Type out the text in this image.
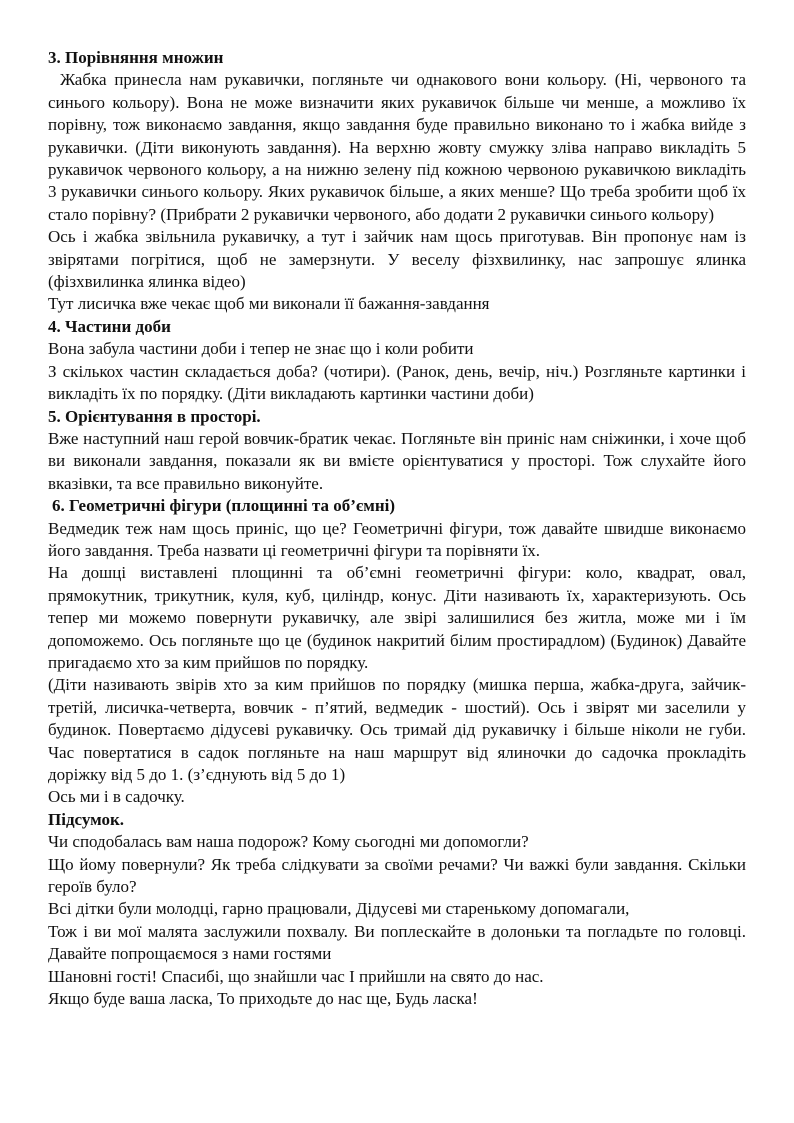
3. Порівняння множин

Жабка принесла нам рукавички, погляньте чи однакового вони кольору. (Ні, червоного та синього кольору). Вона не може визначити яких рукавичок більше чи менше, а можливо їх порівну, тож виконаємо завдання, якщо завдання буде правильно виконано то і жабка вийде з рукавички. (Діти виконують завдання). На верхню жовту смужку зліва направо викладіть 5 рукавичок червоного кольору, а на нижню зелену під кожною червоною рукавичкою викладіть 3 рукавички синього кольору. Яких рукавичок більше, а яких менше? Що треба зробити щоб їх стало порівну? (Прибрати 2 рукавички червоного, або додати 2 рукавички синього кольору)

Ось і жабка звільнила рукавичку, а тут і зайчик нам щось приготував. Він пропонує нам із звірятами погрітися, щоб не замерзнути. У веселу фізхвилинку, нас запрошує ялинка (фізхвилинка ялинка відео)

Тут лисичка вже чекає щоб ми виконали її бажання-завдання

4. Частини доби

Вона забула частини доби і тепер не знає що і коли робити

З скількох частин складається доба? (чотири). (Ранок, день, вечір, ніч.) Розгляньте картинки і викладіть їх по порядку. (Діти викладають картинки частини доби)

5. Орієнтування в просторі.

Вже наступний наш герой вовчик-братик чекає. Погляньте він приніс нам сніжинки, і хоче щоб ви виконали завдання, показали як ви вмієте орієнтуватися у просторі. Тож слухайте його вказівки, та все правильно виконуйте.

6. Геометричні фігури (площинні та об’ємні)

Ведмедик теж нам щось приніс, що це? Геометричні фігури, тож давайте швидше виконаємо його завдання. Треба назвати ці геометричні фігури та порівняти їх.

На дошці виставлені площинні та об’ємні геометричні фігури: коло, квадрат, овал, прямокутник, трикутник, куля, куб, циліндр, конус. Діти називають їх, характеризують. Ось тепер ми можемо повернути рукавичку, але звірі залишилися без житла, може ми і їм допоможемо. Ось погляньте що це (будинок накритий білим простирадлом) (Будинок) Давайте пригадаємо хто за ким прийшов по порядку.

(Діти називають звірів хто за ким прийшов по порядку (мишка перша, жабка-друга, зайчик-третій, лисичка-четверта, вовчик - п’ятий, ведмедик - шостий). Ось і звірят ми заселили у будинок. Повертаємо дідусеві рукавичку. Ось тримай дід рукавичку і більше ніколи не губи. Час повертатися в садок погляньте на наш маршрут від ялиночки до садочка прокладіть доріжку від 5 до 1. (з’єднують від 5 до 1)

Ось ми і в садочку.

Підсумок.

Чи сподобалась вам наша подорож? Кому сьогодні ми допомогли?

Що йому повернули? Як треба слідкувати за своїми речами? Чи важкі були завдання. Скільки героїв було?

Всі дітки були молодці, гарно працювали, Дідусеві ми старенькому допомагали,

Тож і ви мої малята заслужили похвалу. Ви поплескайте в долоньки та погладьте по головці. Давайте попрощаємося з нами гостями

Шановні гості! Спасибі, що знайшли час І прийшли на свято до нас.

Якщо буде ваша ласка, То приходьте до нас ще, Будь ласка!
